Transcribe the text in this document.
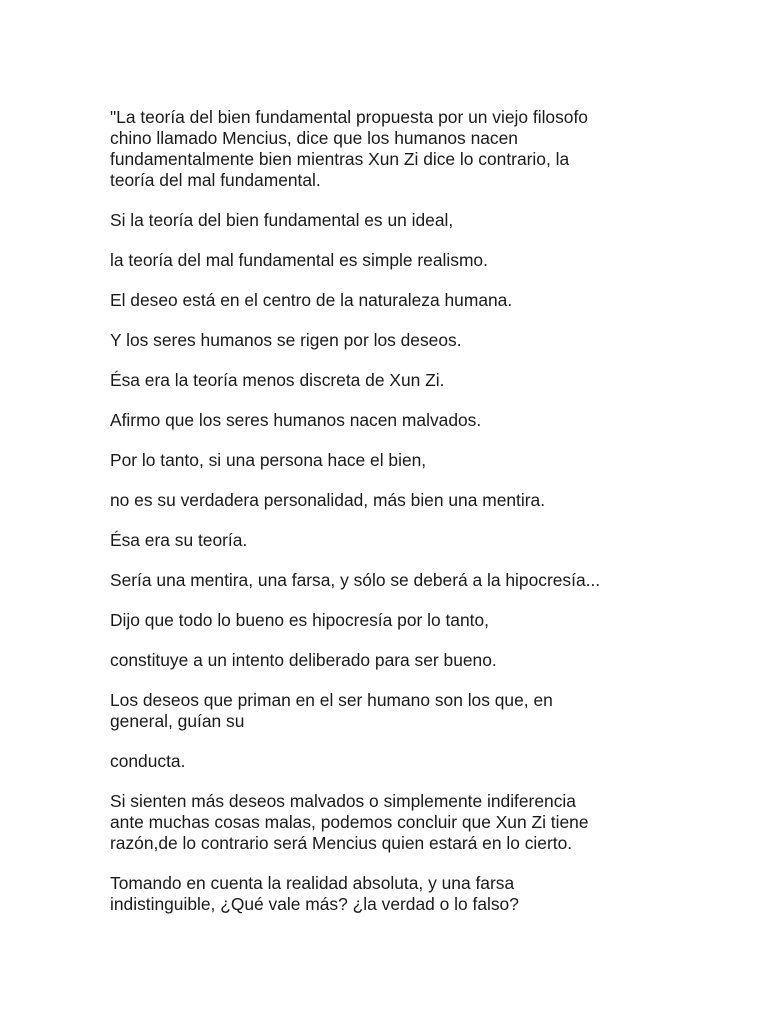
"La teoría del bien fundamental propuesta por un viejo filosofo
chino llamado Mencius, dice que los humanos nacen
fundamentalmente bien mientras Xun Zi dice lo contrario, la
teoría del mal fundamental.

Si la teoría del bien fundamental es un ideal,

la teoría del mal fundamental es simple realismo.

El deseo está en el centro de la naturaleza humana.

Y los seres humanos se rigen por los deseos.

Ésa era la teoría menos discreta de Xun Zi.

Afirmo que los seres humanos nacen malvados.

Por lo tanto, si una persona hace el bien,

no es su verdadera personalidad, más bien una mentira.

Ésa era su teoría.

Sería una mentira, una farsa, y sólo se deberá a la hipocresía...

Dijo que todo lo bueno es hipocresía por lo tanto,

constituye a un intento deliberado para ser bueno.

Los deseos que priman en el ser humano son los que, en
general, guían su

conducta.

Si sienten más deseos malvados o simplemente indiferencia
ante muchas cosas malas, podemos concluir que Xun Zi tiene
razón,de lo contrario será Mencius quien estará en lo cierto.

Tomando en cuenta la realidad absoluta, y una farsa
indistinguible, ¿Qué vale más? ¿la verdad o lo falso?
